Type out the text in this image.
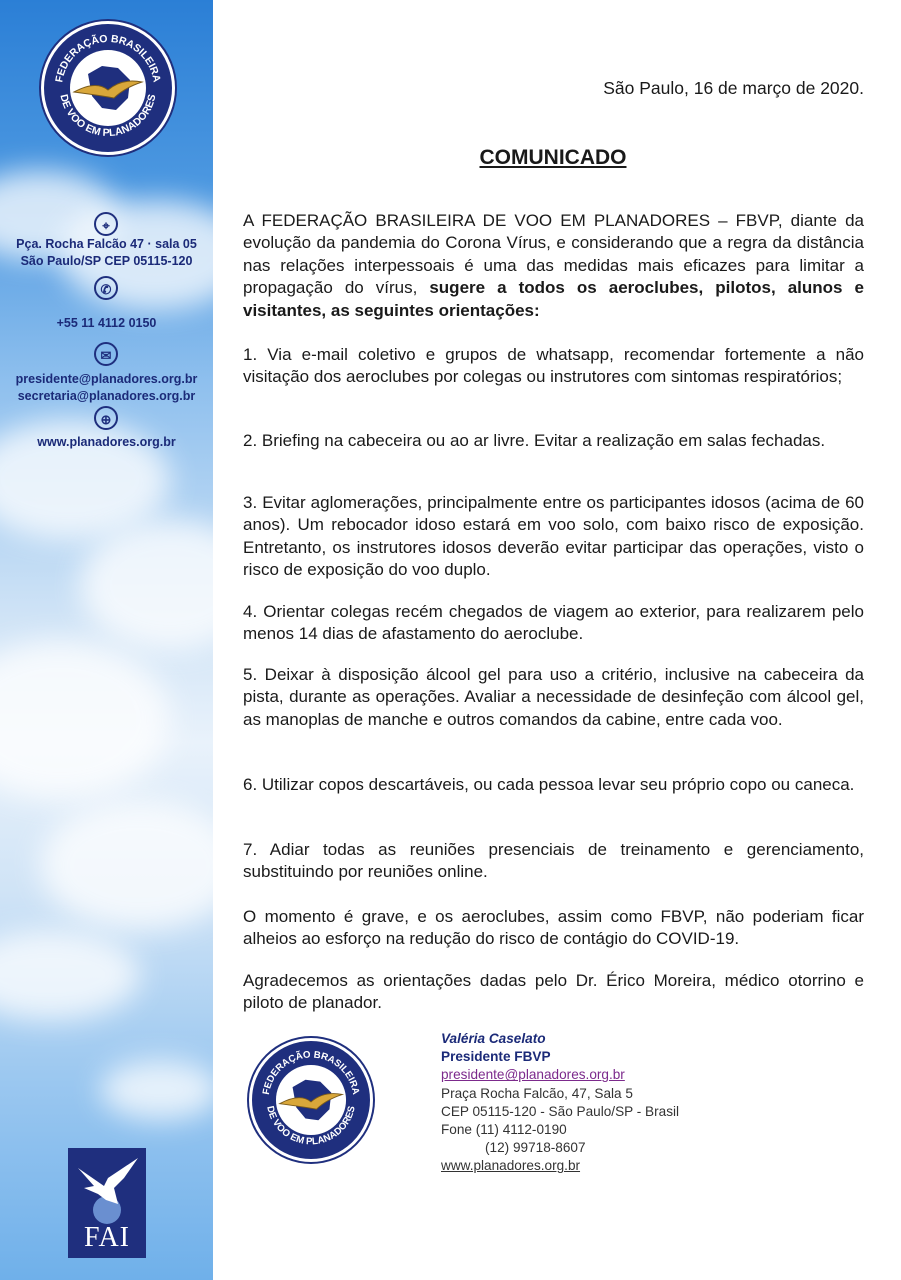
FEDERAÇÃO BRASILEIRA
DE VOO EM PLANADORES
⌖
Pça. Rocha Falcão 47 · sala 05
São Paulo/SP CEP 05115-120
✆
+55 11 4112 0150
✉
presidente@planadores.org.br
secretaria@planadores.org.br
⊕
www.planadores.org.br
FAI
São Paulo, 16 de março de 2020.
COMUNICADO

A FEDERAÇÃO BRASILEIRA DE VOO EM PLANADORES – FBVP, diante da evolução da pandemia do Corona Vírus, e considerando que a regra da distância nas relações interpessoais é uma das medidas mais eficazes para limitar a propagação do vírus, sugere a todos os aeroclubes, pilotos, alunos e visitantes, as seguintes orientações:

1. Via e-mail coletivo e grupos de whatsapp, recomendar fortemente a não visitação dos aeroclubes por colegas ou instrutores com sintomas respiratórios;

2. Briefing na cabeceira ou ao ar livre. Evitar a realização em salas fechadas.

3. Evitar aglomerações, principalmente entre os participantes idosos (acima de 60 anos). Um rebocador idoso estará em voo solo, com baixo risco de exposição. Entretanto, os instrutores idosos deverão evitar participar das operações, visto o risco de exposição do voo duplo.

4. Orientar colegas recém chegados de viagem ao exterior, para realizarem pelo menos 14 dias de afastamento do aeroclube.

5. Deixar à disposição álcool gel para uso a critério, inclusive na cabeceira da pista, durante as operações. Avaliar a necessidade de desinfeção com álcool gel, as manoplas de manche e outros comandos da cabine, entre cada voo.

6. Utilizar copos descartáveis, ou cada pessoa levar seu próprio copo ou caneca.

7. Adiar todas as reuniões presenciais de treinamento e gerenciamento, substituindo por reuniões online.

O momento é grave, e os aeroclubes, assim como FBVP, não poderiam ficar alheios ao esforço na redução do risco de contágio do COVID-19.

Agradecemos as orientações dadas pelo Dr. Érico Moreira, médico otorrino e piloto de planador.

FEDERAÇÃO BRASILEIRA
DE VOO EM PLANADORES
Valéria Caselato
Presidente FBVP
presidente@planadores.org.br
Praça Rocha Falcão, 47, Sala 5
CEP 05115-120 - São Paulo/SP - Brasil
Fone (11) 4112-0190
(12) 99718-8607
www.planadores.org.br
